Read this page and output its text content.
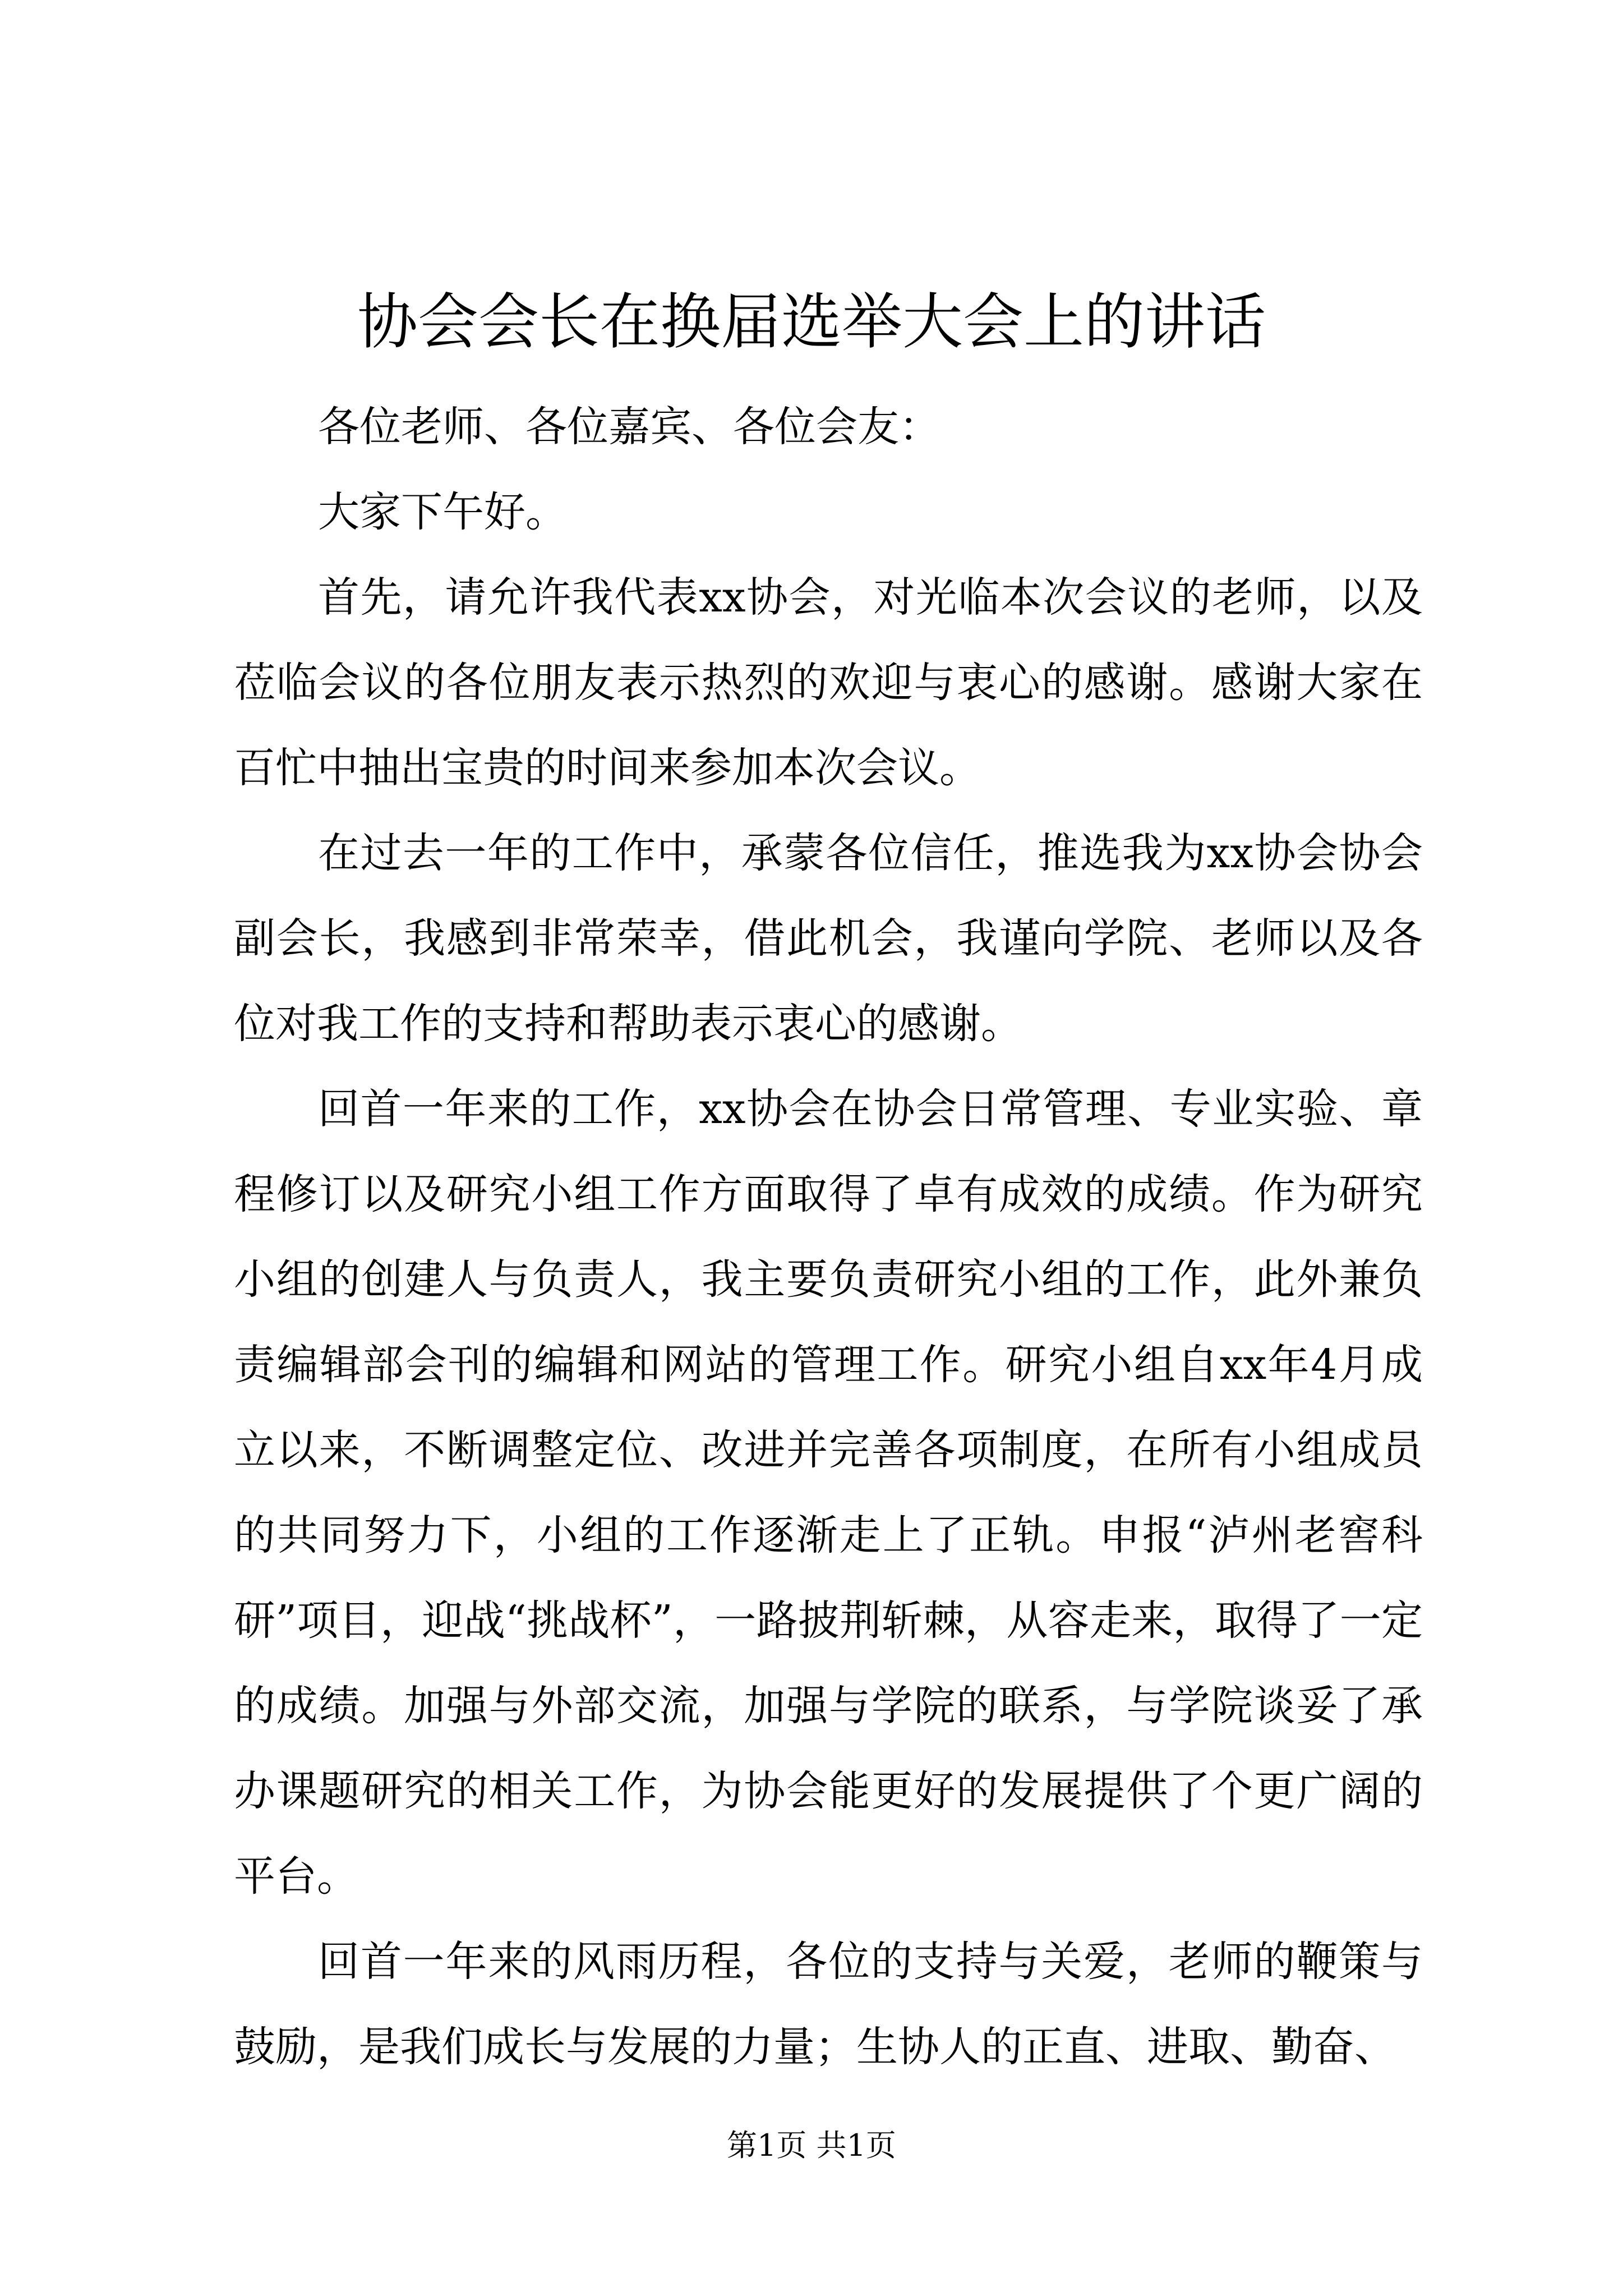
协会会长在换届选举大会上的讲话

各位老师、各位嘉宾、各位会友：

大家下午好。

首先，请允许我代表xx协会，对光临本次会议的老师，以及莅临会议的各位朋友表示热烈的欢迎与衷心的感谢。感谢大家在百忙中抽出宝贵的时间来参加本次会议。

在过去一年的工作中，承蒙各位信任，推选我为xx协会协会副会长，我感到非常荣幸，借此机会，我谨向学院、老师以及各位对我工作的支持和帮助表示衷心的感谢。

回首一年来的工作，xx协会在协会日常管理、专业实验、章程修订以及研究小组工作方面取得了卓有成效的成绩。作为研究小组的创建人与负责人，我主要负责研究小组的工作，此外兼负责编辑部会刊的编辑和网站的管理工作。研究小组自xx年4月成立以来，不断调整定位、改进并完善各项制度，在所有小组成员的共同努力下，小组的工作逐渐走上了正轨。申报“泸州老窖科研”项目，迎战“挑战杯”，一路披荆斩棘，从容走来，取得了一定的成绩。加强与外部交流，加强与学院的联系，与学院谈妥了承办课题研究的相关工作，为协会能更好的发展提供了个更广阔的平台。

回首一年来的风雨历程，各位的支持与关爱，老师的鞭策与鼓励，是我们成长与发展的力量；生协人的正直、进取、勤奋、

第1页 共1页
